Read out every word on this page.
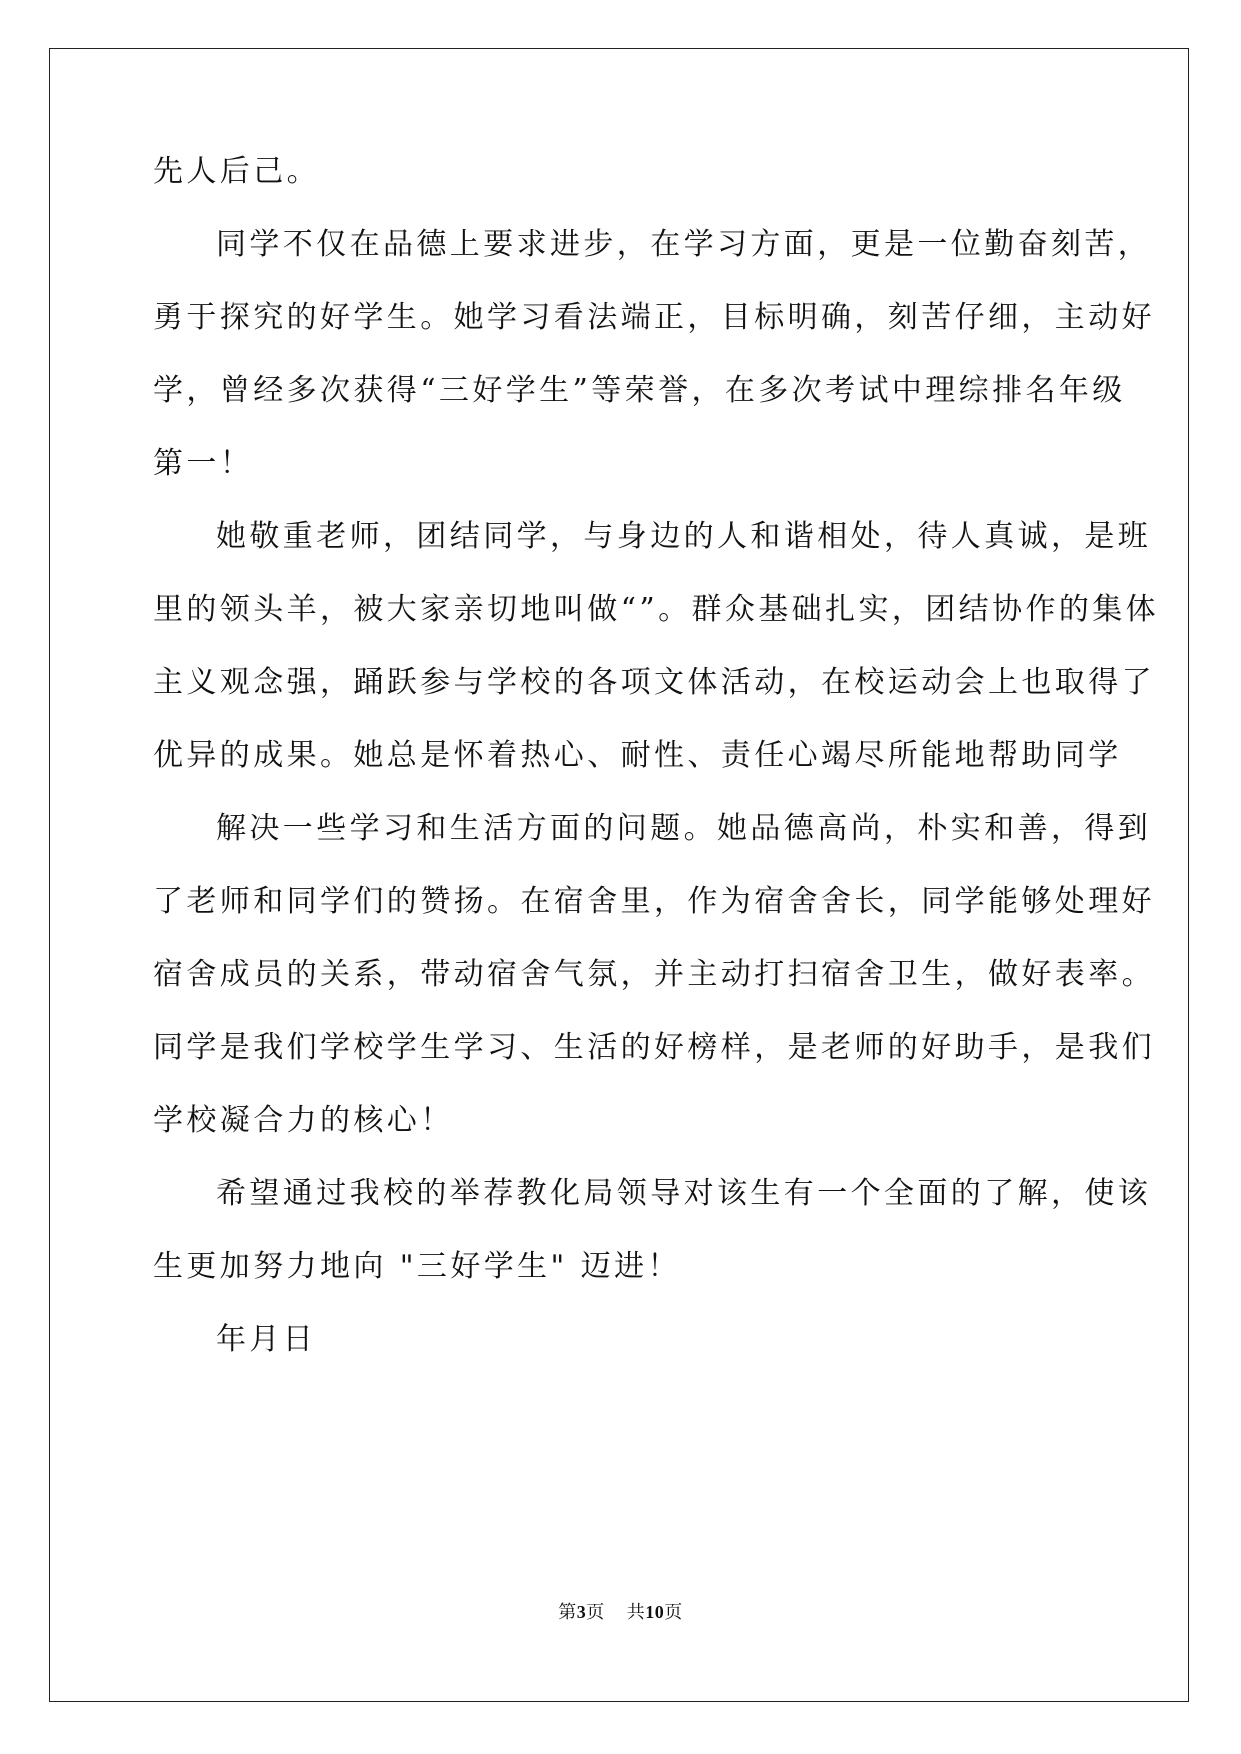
先人后己。
同学不仅在品德上要求进步，在学习方面，更是一位勤奋刻苦，
勇于探究的好学生。她学习看法端正，目标明确，刻苦仔细，主动好
学，曾经多次获得“三好学生”等荣誉，在多次考试中理综排名年级
第一！
她敬重老师，团结同学，与身边的人和谐相处，待人真诚，是班
里的领头羊，被大家亲切地叫做“”。群众基础扎实，团结协作的集体
主义观念强，踊跃参与学校的各项文体活动，在校运动会上也取得了
优异的成果。她总是怀着热心、耐性、责任心竭尽所能地帮助同学
解决一些学习和生活方面的问题。她品德高尚，朴实和善，得到
了老师和同学们的赞扬。在宿舍里，作为宿舍舍长，同学能够处理好
宿舍成员的关系，带动宿舍气氛，并主动打扫宿舍卫生，做好表率。
同学是我们学校学生学习、生活的好榜样，是老师的好助手，是我们
学校凝合力的核心！
希望通过我校的举荐教化局领导对该生有一个全面的了解，使该
生更加努力地向 "三好学生" 迈进！
年月日
第3页 共10页
